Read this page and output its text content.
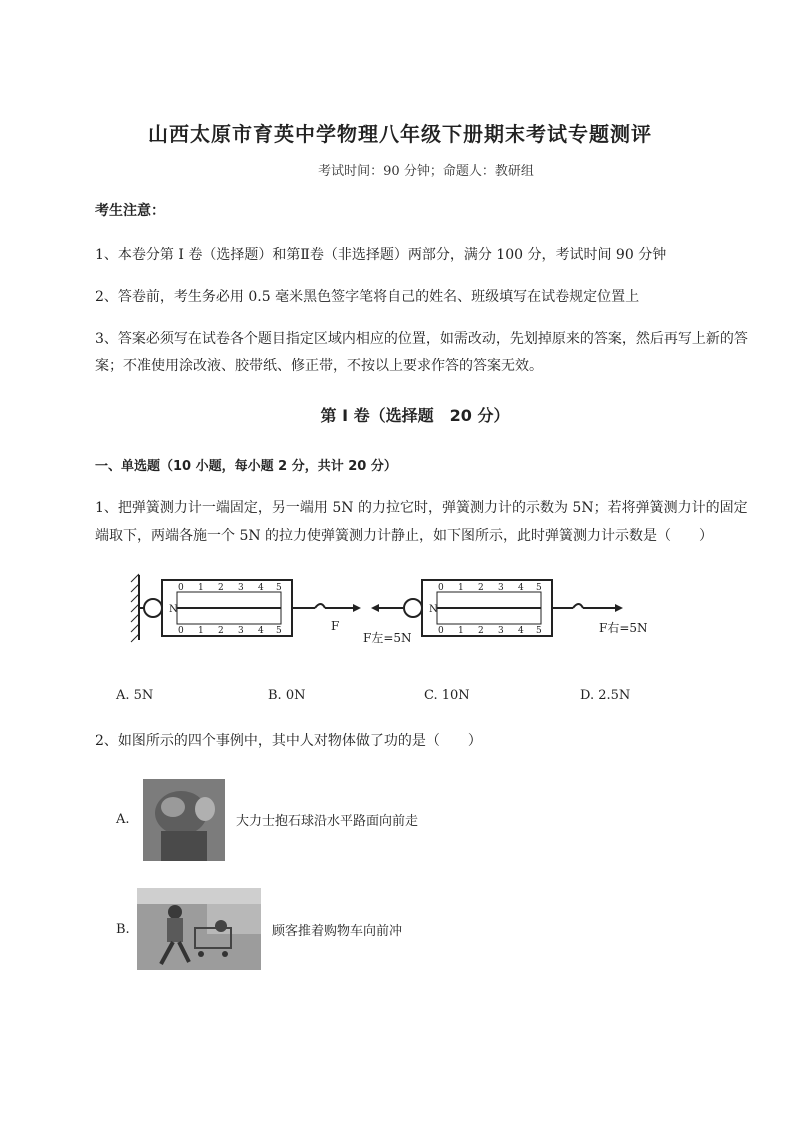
山西太原市育英中学物理八年级下册期末考试专题测评
考试时间：90 分钟；命题人：教研组
考生注意：
1、本卷分第 I 卷（选择题）和第Ⅱ卷（非选择题）两部分，满分 100 分，考试时间 90 分钟
2、答卷前，考生务必用 0.5 毫米黑色签字笔将自己的姓名、班级填写在试卷规定位置上
3、答案必须写在试卷各个题目指定区域内相应的位置，如需改动，先划掉原来的答案，然后再写上新的答案；不准使用涂改液、胶带纸、修正带，不按以上要求作答的答案无效。
第 I 卷（选择题　20 分）
一、单选题（10 小题，每小题 2 分，共计 20 分）
1、把弹簧测力计一端固定，另一端用 5N 的力拉它时，弹簧测力计的示数为 5N；若将弹簧测力计的固定端取下，两端各施一个 5N 的拉力使弹簧测力计静止，如下图所示，此时弹簧测力计示数是（　　）
N
0 1 2 3 4 5
0 1 2 3 4 5	F
N
0 1 2 3 4 5
0 1 2 3 4 5
F左=5N
F右=5N
A. 5N	B. 0N	C. 10N	D. 2.5N
2、如图所示的四个事例中，其中人对物体做了功的是（　　）
A.	大力士抱石球沿水平路面向前走
B.	顾客推着购物车向前冲
